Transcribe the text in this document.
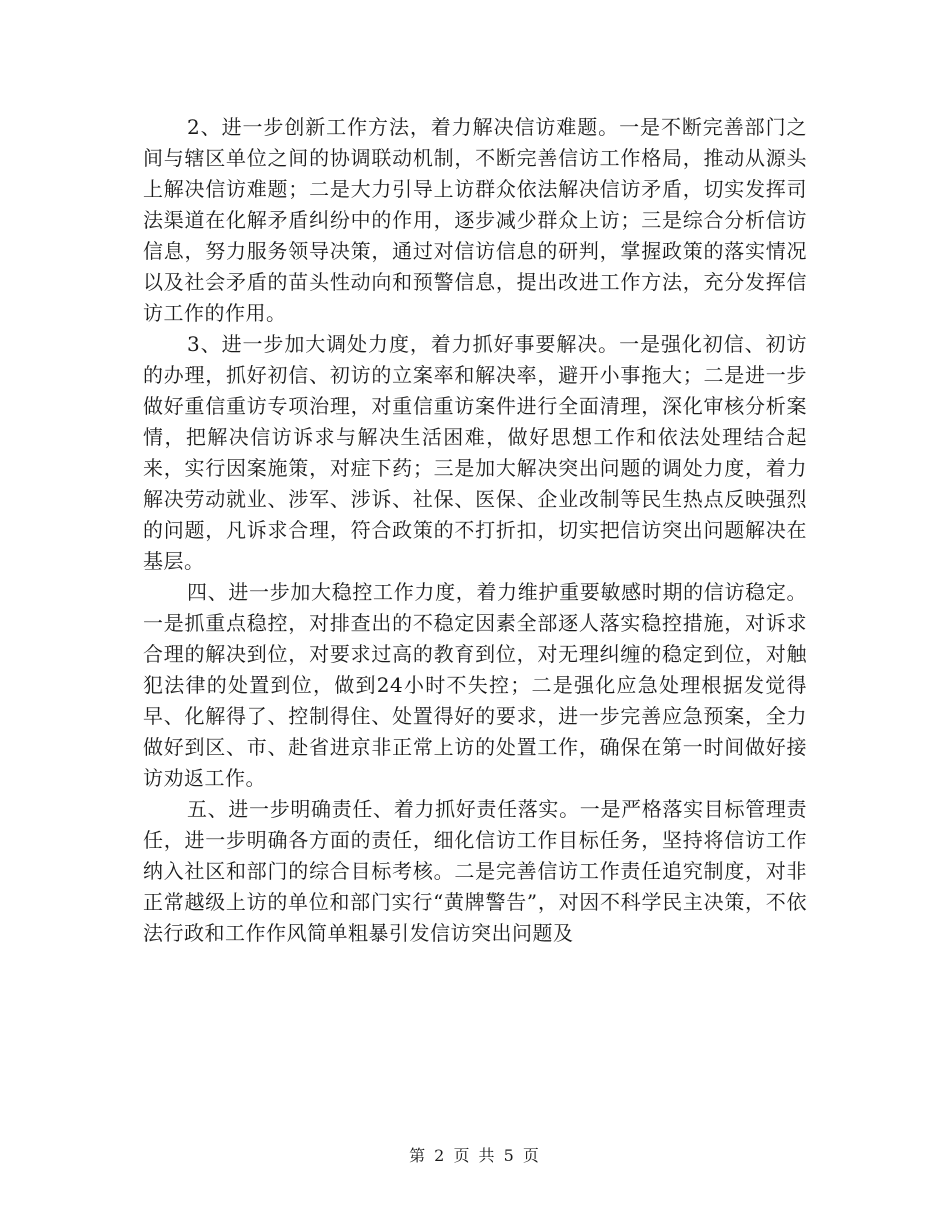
2、进一步创新工作方法，着力解决信访难题。一是不断完善部门之间与辖区单位之间的协调联动机制，不断完善信访工作格局，推动从源头上解决信访难题；二是大力引导上访群众依法解决信访矛盾，切实发挥司法渠道在化解矛盾纠纷中的作用，逐步减少群众上访；三是综合分析信访信息，努力服务领导决策，通过对信访信息的研判，掌握政策的落实情况以及社会矛盾的苗头性动向和预警信息，提出改进工作方法，充分发挥信访工作的作用。

3、进一步加大调处力度，着力抓好事要解决。一是强化初信、初访的办理，抓好初信、初访的立案率和解决率，避开小事拖大；二是进一步做好重信重访专项治理，对重信重访案件进行全面清理，深化审核分析案情，把解决信访诉求与解决生活困难，做好思想工作和依法处理结合起来，实行因案施策，对症下药；三是加大解决突出问题的调处力度，着力解决劳动就业、涉军、涉诉、社保、医保、企业改制等民生热点反映强烈的问题，凡诉求合理，符合政策的不打折扣，切实把信访突出问题解决在基层。

四、进一步加大稳控工作力度，着力维护重要敏感时期的信访稳定。一是抓重点稳控，对排查出的不稳定因素全部逐人落实稳控措施，对诉求合理的解决到位，对要求过高的教育到位，对无理纠缠的稳定到位，对触犯法律的处置到位，做到24小时不失控；二是强化应急处理根据发觉得早、化解得了、控制得住、处置得好的要求，进一步完善应急预案，全力做好到区、市、赴省进京非正常上访的处置工作，确保在第一时间做好接访劝返工作。

五、进一步明确责任、着力抓好责任落实。一是严格落实目标管理责任，进一步明确各方面的责任，细化信访工作目标任务，坚持将信访工作纳入社区和部门的综合目标考核。二是完善信访工作责任追究制度，对非正常越级上访的单位和部门实行“黄牌警告”，对因不科学民主决策，不依法行政和工作作风简单粗暴引发信访突出问题及

第 2 页 共 5 页
